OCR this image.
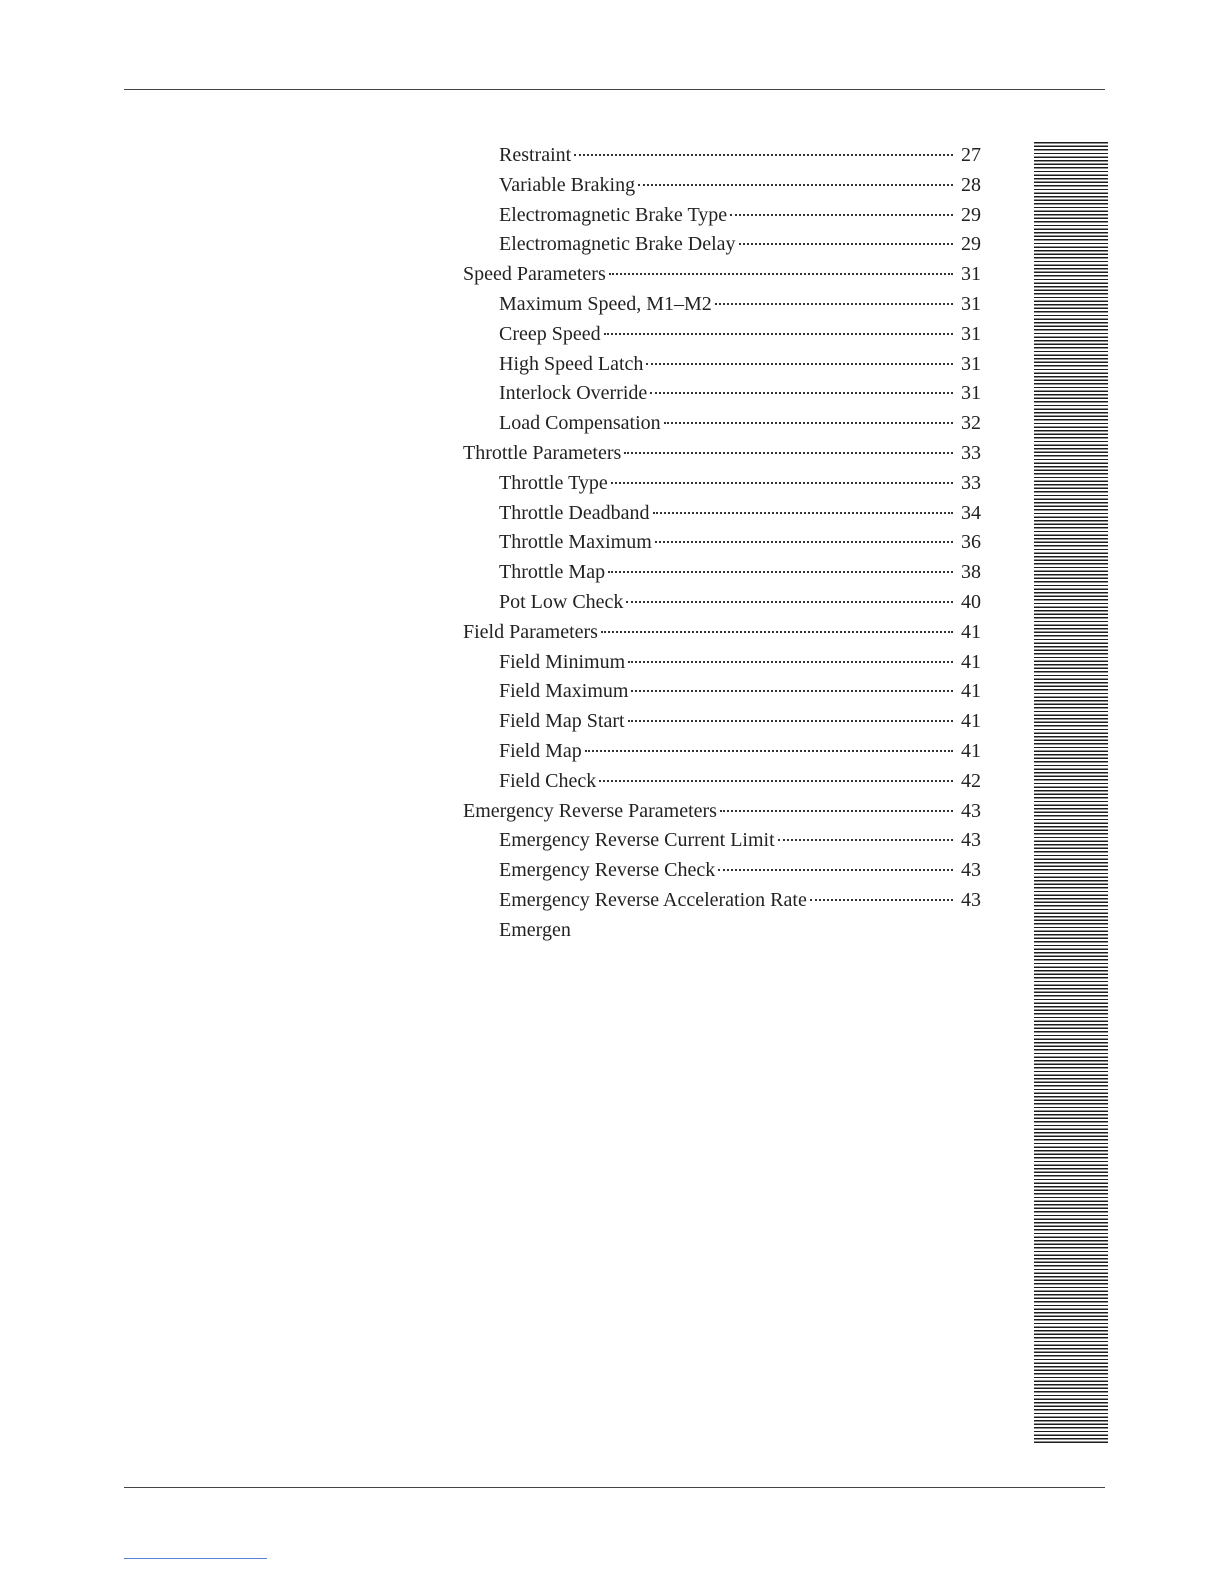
Restraint	27
Variable Braking	28
Electromagnetic Brake Type	29
Electromagnetic Brake Delay	29
Speed Parameters	31
Maximum Speed, M1–M2	31
Creep Speed	31
High Speed Latch	31
Interlock Override	31
Load Compensation	32
Throttle Parameters	33
Throttle Type	33
Throttle Deadband	34
Throttle Maximum	36
Throttle Map	38
Pot Low Check	40
Field Parameters	41
Field Minimum	41
Field Maximum	41
Field Map Start	41
Field Map	41
Field Check	42
Emergency Reverse Parameters	43
Emergency Reverse Current Limit	43
Emergency Reverse Check	43
Emergency Reverse Acceleration Rate	43
Emergen
